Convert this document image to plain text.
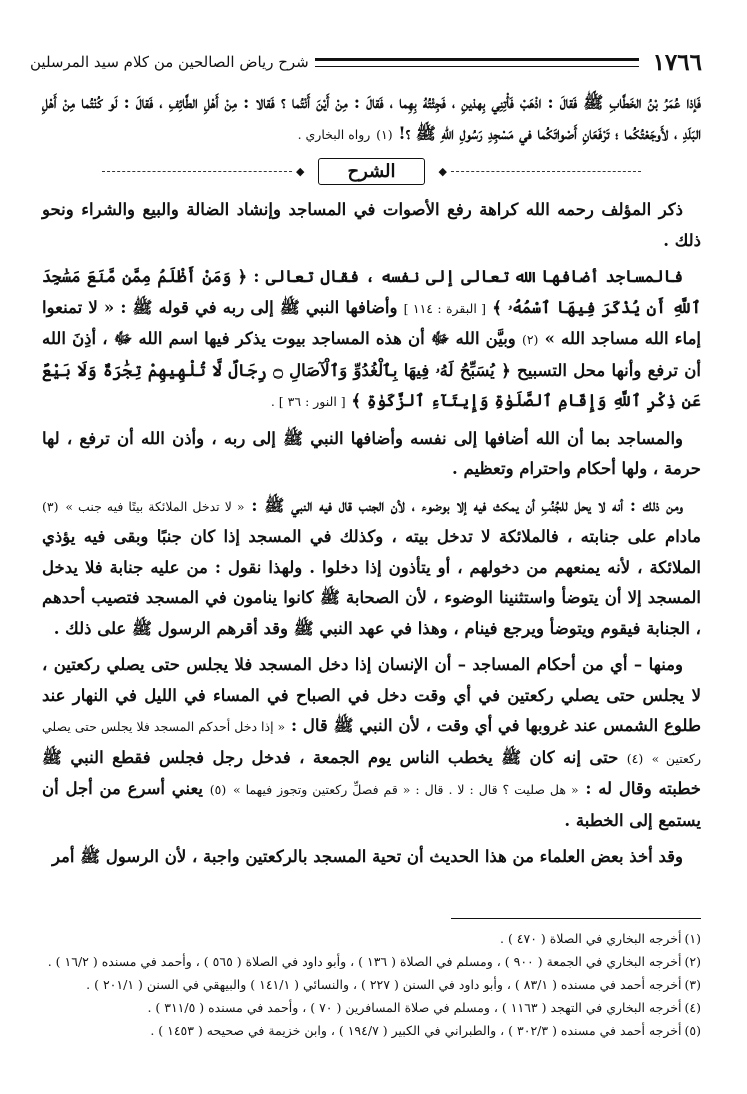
١٧٦٦
شرح رياض الصالحين من كلام سيد المرسلين

فَإذا عُمَرُ بْنُ الخَطَّابِ ﷺ فَقالَ : اذْهَبْ فَأْتِنِي بِهذينِ ، فَجِئْتُهُ بِهِما ، فَقالَ : مِنْ أَيْنَ أَنْتُما ؟ فَقالا : مِنْ أَهْلِ الطَّائِفِ ، فَقالَ : لَو كُنْتُما مِنْ أَهْلِ البَلَدِ ، لأَوجَعْتُكُما ؛ تَرْفَعَانِ أَصْواتَكُما في مَسْجِدِ رَسُولِ اللهِ ﷺ ؟! (١) رواه البخاري .

◆
الشرح
◆

ذكر المؤلف رحمه الله كراهة رفع الأصوات في المساجد وإنشاد الضالة والبيع والشراء ونحو ذلك .

فالمساجد أضافها الله تعالى إلى نفسه ، فقال تعالى : ﴿ وَمَنْ أَظْلَمُ مِمَّن مَّنَعَ مَسَٰجِدَ ٱللَّهِ أَن يُذْكَرَ فِيهَا ٱسْمُهُۥ ﴾ [ البقرة : ١١٤ ] وأضافها النبي ﷺ إلى ربه في قوله ﷺ : « لا تمنعوا إماء الله مساجد الله » (٢) وبيَّن الله ﷻ أن هذه المساجد بيوت يذكر فيها اسم الله ﷻ ، أذِنَ الله أن ترفع وأنها محل التسبيح ﴿ يُسَبِّحُ لَهُۥ فِيهَا بِٱلْغُدُوِّ وَٱلْآصَالِ ۝ رِجَالٌ لَّا تُلْهِيهِمْ تِجَٰرَةٌ وَلَا بَيْعٌ عَن ذِكْرِ ٱللَّهِ وَإِقَامِ ٱلصَّلَوٰةِ وَإِيتَآءِ ٱلزَّكَوٰةِ ﴾ [ النور : ٣٦ ] .

والمساجد بما أن الله أضافها إلى نفسه وأضافها النبي ﷺ إلى ربه ، وأذن الله أن ترفع ، لها حرمة ، ولها أحكام واحترام وتعظيم .

ومن ذلك : أنه لا يحل للجُنُبِ أن يمكث فيه إلا بوضوء ، لأن الجنب قال فيه النبي ﷺ : « لا تدخل الملائكة بيتًا فيه جنب » (٣) مادام على جنابته ، فالملائكة لا تدخل بيته ، وكذلك في المسجد إذا كان جنبًا وبقى فيه يؤذي الملائكة ، لأنه يمنعهم من دخولهم ، أو يتأذون إذا دخلوا . ولهذا نقول : من عليه جنابة فلا يدخل المسجد إلا أن يتوضأ واستثنينا الوضوء ، لأن الصحابة ﷺ كانوا ينامون في المسجد فتصيب أحدهم ، الجنابة فيقوم ويتوضأ ويرجع فينام ، وهذا في عهد النبي ﷺ وقد أقرهم الرسول ﷺ على ذلك .

ومنها – أي من أحكام المساجد – أن الإنسان إذا دخل المسجد فلا يجلس حتى يصلي ركعتين ، لا يجلس حتى يصلي ركعتين في أي وقت دخل في الصباح في المساء في الليل في النهار عند طلوع الشمس عند غروبها في أي وقت ، لأن النبي ﷺ قال : « إذا دخل أحدكم المسجد فلا يجلس حتى يصلي ركعتين » (٤) حتى إنه كان ﷺ يخطب الناس يوم الجمعة ، فدخل رجل فجلس فقطع النبي ﷺ خطبته وقال له : « هل صليت ؟ قال : لا . قال : « قم فصلِّ ركعتين وتجوز فيهما » (٥) يعني أسرع من أجل أن يستمع إلى الخطبة .

وقد أخذ بعض العلماء من هذا الحديث أن تحية المسجد بالركعتين واجبة ، لأن الرسول ﷺ أمر

(١)أخرجه البخاري في الصلاة ( ٤٧٠ ) .

(٢)أخرجه البخاري في الجمعة ( ٩٠٠ ) ، ومسلم في الصلاة ( ١٣٦ ) ، وأبو داود في الصلاة ( ٥٦٥ ) ، وأحمد في مسنده ( ١٦/٢ ) .

(٣)أخرجه أحمد في مسنده ( ٨٣/١ ) ، وأبو داود في السنن ( ٢٢٧ ) ، والنسائي ( ١٤١/١ ) والبيهقي في السنن ( ٢٠١/١ ) .

(٤)أخرجه البخاري في التهجد ( ١١٦٣ ) ، ومسلم في صلاة المسافرين ( ٧٠ ) ، وأحمد في مسنده ( ٣١١/٥ ) .

(٥)أخرجه أحمد في مسنده ( ٣٠٢/٣ ) ، والطبراني في الكبير ( ١٩٤/٧ ) ، وابن خزيمة في صحيحه ( ١٤٥٣ ) .
